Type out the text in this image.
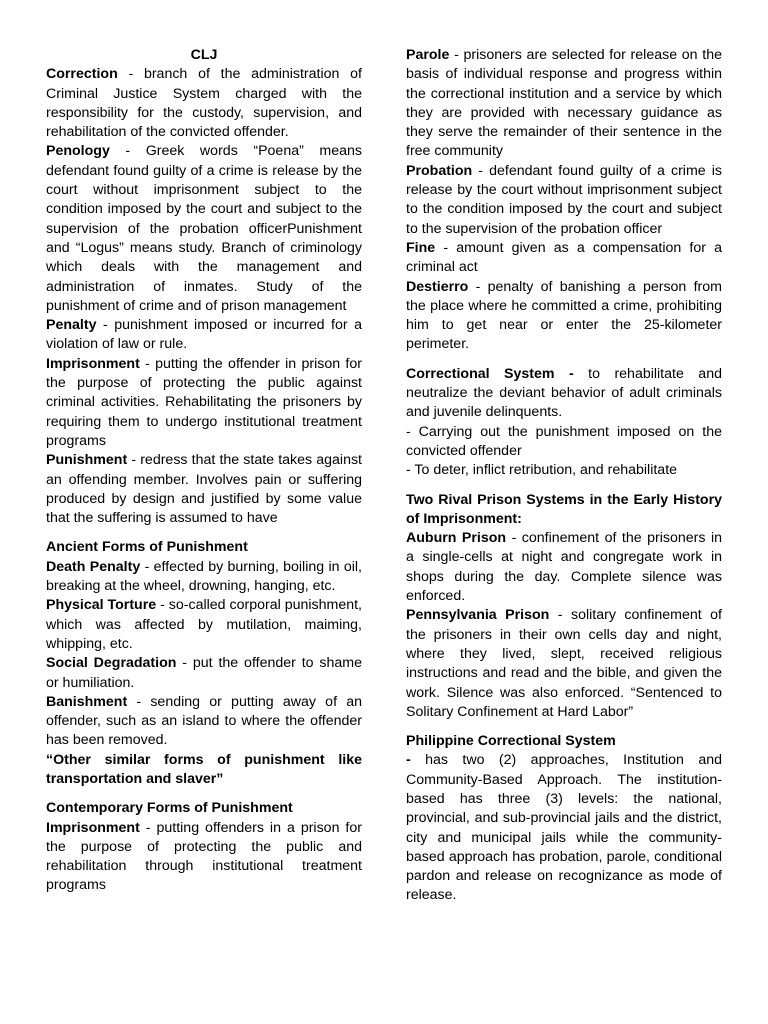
CLJ

Correction - branch of the administration of Criminal Justice System charged with the responsibility for the custody, supervision, and rehabilitation of the convicted offender.

Penology - Greek words “Poena” means defendant found guilty of a crime is release by the court without imprisonment subject to the condition imposed by the court and subject to the supervision of the probation officerPunishment and “Logus” means study. Branch of criminology which deals with the management and administration of inmates. Study of the punishment of crime and of prison management

Penalty - punishment imposed or incurred for a violation of law or rule.

Imprisonment - putting the offender in prison for the purpose of protecting the public against criminal activities. Rehabilitating the prisoners by requiring them to undergo institutional treatment programs

Punishment - redress that the state takes against an offending member. Involves pain or suffering produced by design and justified by some value that the suffering is assumed to have

Ancient Forms of Punishment

Death Penalty - effected by burning, boiling in oil, breaking at the wheel, drowning, hanging, etc.

Physical Torture - so-called corporal punishment, which was affected by mutilation, maiming, whipping, etc.

Social Degradation - put the offender to shame or humiliation.

Banishment - sending or putting away of an offender, such as an island to where the offender has been removed.

“Other similar forms of punishment like transportation and slaver”

Contemporary Forms of Punishment

Imprisonment - putting offenders in a prison for the purpose of protecting the public and rehabilitation through institutional treatment programs

Parole - prisoners are selected for release on the basis of individual response and progress within the correctional institution and a service by which they are provided with necessary guidance as they serve the remainder of their sentence in the free community

Probation - defendant found guilty of a crime is release by the court without imprisonment subject to the condition imposed by the court and subject to the supervision of the probation officer

Fine - amount given as a compensation for a criminal act

Destierro - penalty of banishing a person from the place where he committed a crime, prohibiting him to get near or enter the 25-kilometer perimeter.

Correctional System - to rehabilitate and neutralize the deviant behavior of adult criminals and juvenile delinquents.

- Carrying out the punishment imposed on the convicted offender

- To deter, inflict retribution, and rehabilitate

Two Rival Prison Systems in the Early History of Imprisonment:

Auburn Prison - confinement of the prisoners in a single-cells at night and congregate work in shops during the day. Complete silence was enforced.

Pennsylvania Prison - solitary confinement of the prisoners in their own cells day and night, where they lived, slept, received religious instructions and read and the bible, and given the work. Silence was also enforced. “Sentenced to Solitary Confinement at Hard Labor”

Philippine Correctional System

- has two (2) approaches, Institution and Community-Based Approach. The institution-based has three (3) levels: the national, provincial, and sub-provincial jails and the district, city and municipal jails while the community-based approach has probation, parole, conditional pardon and release on recognizance as mode of release.
